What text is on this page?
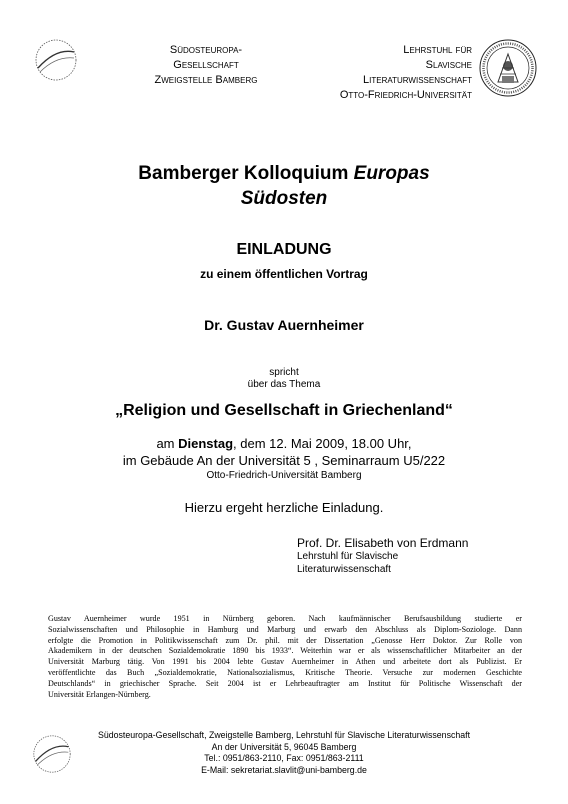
Südosteuropa-
Gesellschaft
Zweigstelle Bamberg
Lehrstuhl für
Slavische
Literaturwissenschaft
Otto-Friedrich-Universität
Bamberger Kolloquium Europas
Südosten
EINLADUNG
zu einem öffentlichen Vortrag
Dr. Gustav Auernheimer
spricht
über das Thema
„Religion und Gesellschaft in Griechenland“
am Dienstag, dem 12. Mai 2009, 18.00 Uhr,
im Gebäude An der Universität 5 , Seminarraum U5/222
Otto-Friedrich-Universität Bamberg
Hierzu ergeht herzliche Einladung.
Prof. Dr. Elisabeth von Erdmann
Lehrstuhl für Slavische
Literaturwissenschaft
Gustav Auernheimer wurde 1951 in Nürnberg geboren. Nach kaufmännischer Berufsausbildung studierte er
Sozialwissenschaften und Philosophie in Hamburg und Marburg und erwarb den Abschluss als Diplom-Soziologe. Dann
erfolgte die Promotion in Politikwissenschaft zum Dr. phil. mit der Dissertation „Genosse Herr Doktor. Zur Rolle von
Akademikern in der deutschen Sozialdemokratie 1890 bis 1933“. Weiterhin war er als wissenschaftlicher Mitarbeiter an der
Universität Marburg tätig. Von 1991 bis 2004 lebte Gustav Auernheimer in Athen und arbeitete dort als Publizist. Er
veröffentlichte das Buch „Sozialdemokratie, Nationalsozialismus, Kritische Theorie. Versuche zur modernen Geschichte
Deutschlands“ in griechischer Sprache. Seit 2004 ist er Lehrbeauftragter am Institut für Politische Wissenschaft der
Universität Erlangen-Nürnberg.
Südosteuropa-Gesellschaft, Zweigstelle Bamberg, Lehrstuhl für Slavische Literaturwissenschaft
An der Universität 5, 96045 Bamberg
Tel.: 0951/863-2110, Fax: 0951/863-2111
E-Mail: sekretariat.slavlit@uni-bamberg.de
